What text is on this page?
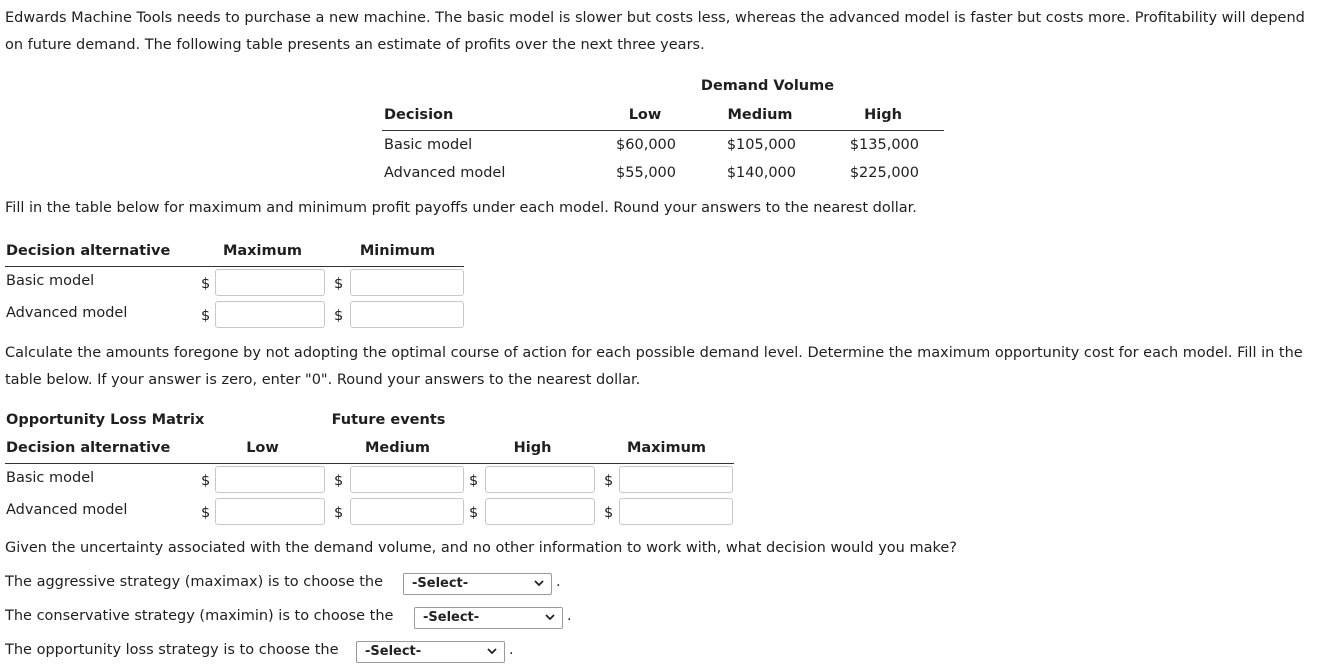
Edwards Machine Tools needs to purchase a new machine. The basic model is slower but costs less, whereas the advanced model is faster but costs more. Profitability will depend on future demand. The following table presents an estimate of profits over the next three years.
Demand Volume
Decision	Low	Medium	High
Basic model	$60,000	$105,000	$135,000
Advanced model	$55,000	$140,000	$225,000
Fill in the table below for maximum and minimum profit payoffs under each model. Round your answers to the nearest dollar.
Decision alternative	Maximum	Minimum
Basic model	$	$
Advanced model	$	$
Calculate the amounts foregone by not adopting the optimal course of action for each possible demand level. Determine the maximum opportunity cost for each model. Fill in the table below. If your answer is zero, enter "0". Round your answers to the nearest dollar.
Opportunity Loss Matrix	Future events
Decision alternative	Low	Medium	High	Maximum
Basic model	$	$	$	$
Advanced model	$	$	$	$
Given the uncertainty associated with the demand volume, and no other information to work with, what decision would you make?
The aggressive strategy (maximax) is to choose the	-Select-	.
The conservative strategy (maximin) is to choose the	-Select-	.
The opportunity loss strategy is to choose the	-Select-	.
